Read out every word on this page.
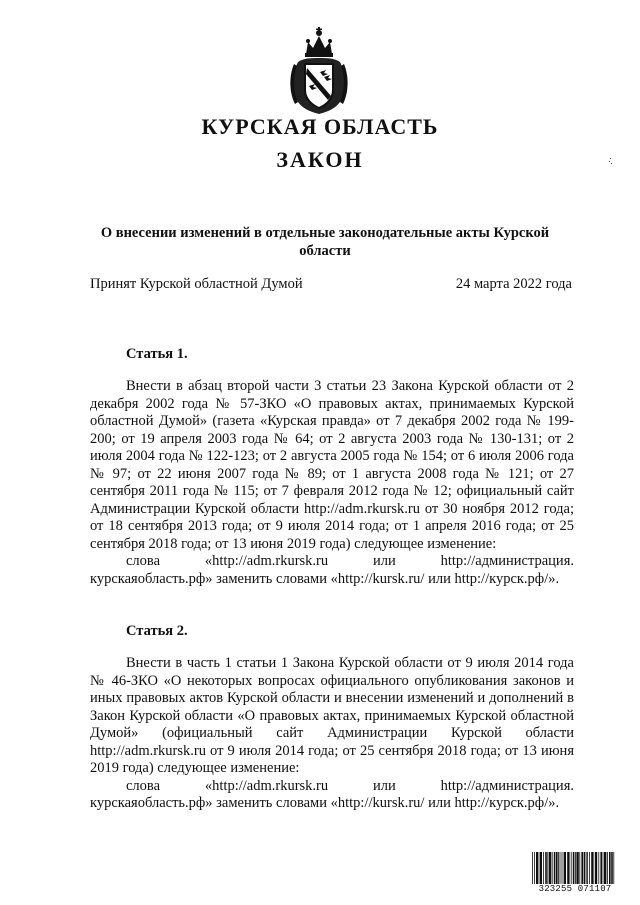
КУРСКАЯ ОБЛАСТЬ
ЗАКОН
О внесении изменений в отдельные законодательные акты Курской области
Принят Курской областной Думой	24 марта 2022 года
Статья 1.

Внести в абзац второй части 3 статьи 23 Закона Курской области от 2 декабря 2002 года № 57-ЗКО «О правовых актах, принимаемых Курской областной Думой» (газета «Курская правда» от 7 декабря 2002 года № 199-200; от 19 апреля 2003 года № 64; от 2 августа 2003 года № 130-131; от 2 июля 2004 года № 122-123; от 2 августа 2005 года № 154; от 6 июля 2006 года № 97; от 22 июня 2007 года № 89; от 1 августа 2008 года № 121; от 27 сентября 2011 года № 115; от 7 февраля 2012 года № 12; официальный сайт Администрации Курской области http://adm.rkursk.ru от 30 ноября 2012 года; от 18 сентября 2013 года; от 9 июля 2014 года; от 1 апреля 2016 года; от 25 сентября 2018 года; от 13 июня 2019 года) следующее изменение:

слова «http://adm.rkursk.ru или http://администрация. курскаяобласть.рф» заменить словами «http://kursk.ru/ или http://курск.рф/».

Статья 2.

Внести в часть 1 статьи 1 Закона Курской области от 9 июля 2014 года № 46-ЗКО «О некоторых вопросах официального опубликования законов и иных правовых актов Курской области и внесении изменений и дополнений в Закон Курской области «О правовых актах, принимаемых Курской областной Думой» (официальный сайт Администрации Курской области http://adm.rkursk.ru от 9 июля 2014 года; от 25 сентября 2018 года; от 13 июня 2019 года) следующее изменение:

слова «http://adm.rkursk.ru или http://администрация. курскаяобласть.рф» заменить словами «http://kursk.ru/ или http://курск.рф/».

323255 071107
